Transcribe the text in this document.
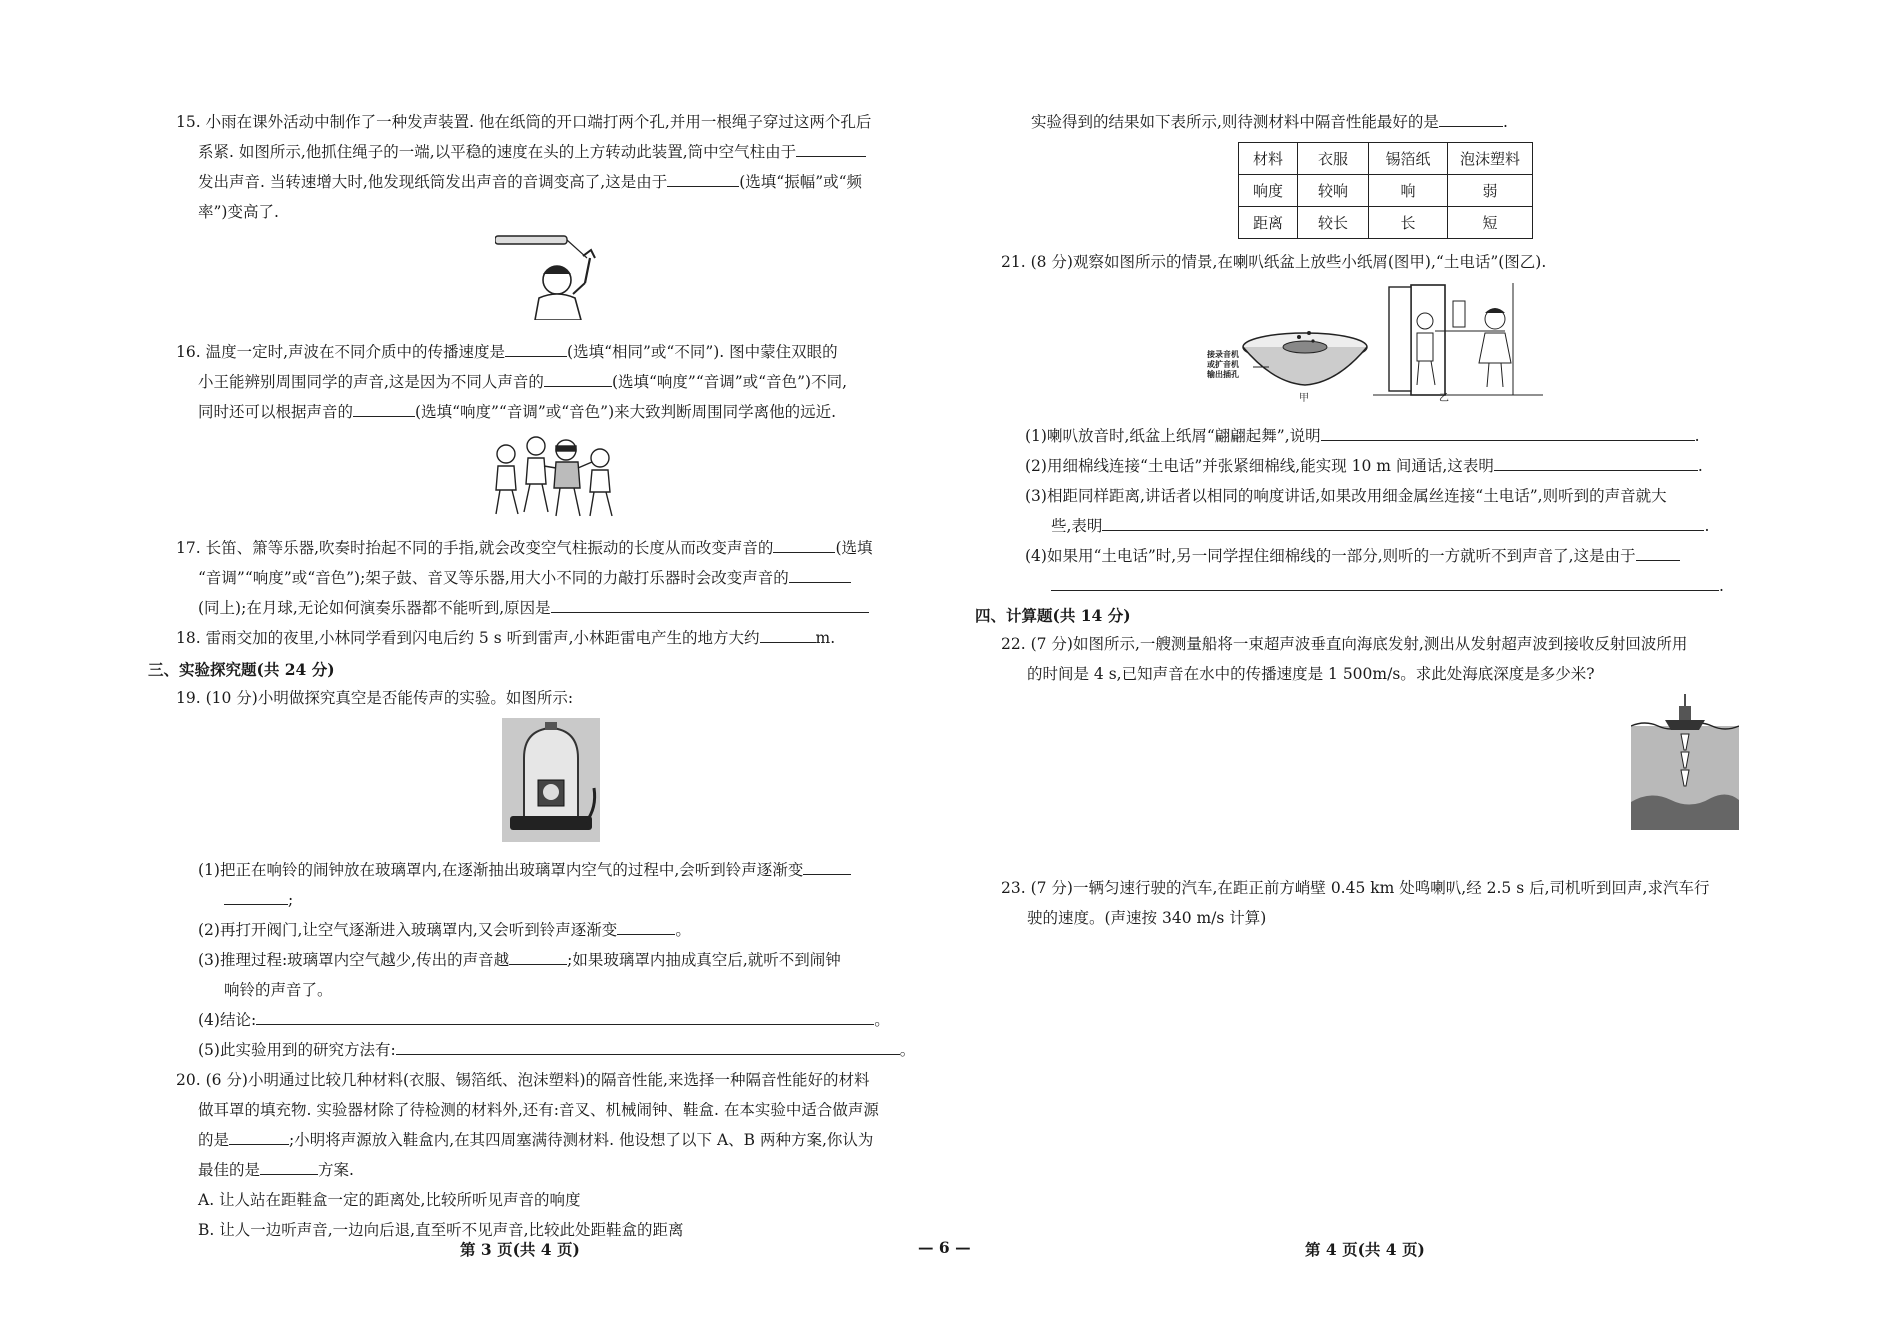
15. 小雨在课外活动中制作了一种发声装置. 他在纸筒的开口端打两个孔,并用一根绳子穿过这两个孔后
系紧. 如图所示,他抓住绳子的一端,以平稳的速度在头的上方转动此装置,筒中空气柱由于
发出声音. 当转速增大时,他发现纸筒发出声音的音调变高了,这是由于	(选填“振幅”或“频
率”)变高了.
16. 温度一定时,声波在不同介质中的传播速度是	(选填“相同”或“不同”). 图中蒙住双眼的
小王能辨别周围同学的声音,这是因为不同人声音的	(选填“响度”“音调”或“音色”)不同,
同时还可以根据声音的	(选填“响度”“音调”或“音色”)来大致判断周围同学离他的远近.
17. 长笛、箫等乐器,吹奏时抬起不同的手指,就会改变空气柱振动的长度从而改变声音的	(选填
“音调”“响度”或“音色”);架子鼓、音叉等乐器,用大小不同的力敲打乐器时会改变声音的
(同上);在月球,无论如何演奏乐器都不能听到,原因是
18. 雷雨交加的夜里,小林同学看到闪电后约 5 s 听到雷声,小林距雷电产生的地方大约	m.
三、实验探究题(共 24 分)
19. (10 分)小明做探究真空是否能传声的实验。如图所示:
(1)把正在响铃的闹钟放在玻璃罩内,在逐渐抽出玻璃罩内空气的过程中,会听到铃声逐渐变
;
(2)再打开阀门,让空气逐渐进入玻璃罩内,又会听到铃声逐渐变	。
(3)推理过程:玻璃罩内空气越少,传出的声音越	;如果玻璃罩内抽成真空后,就听不到闹钟
响铃的声音了。
(4)结论:	。
(5)此实验用到的研究方法有:	。
20. (6 分)小明通过比较几种材料(衣服、锡箔纸、泡沫塑料)的隔音性能,来选择一种隔音性能好的材料
做耳罩的填充物. 实验器材除了待检测的材料外,还有:音叉、机械闹钟、鞋盒. 在本实验中适合做声源
的是	;小明将声源放入鞋盒内,在其四周塞满待测材料. 他设想了以下 A、B 两种方案,你认为
最佳的是	方案.
A. 让人站在距鞋盒一定的距离处,比较所听见声音的响度
B. 让人一边听声音,一边向后退,直至听不见声音,比较此处距鞋盒的距离
第 3 页(共 4 页)	— 6 —
实验得到的结果如下表所示,则待测材料中隔音性能最好的是	.
材料	衣服	锡箔纸	泡沫塑料
响度	较响	响	弱
距离	较长	长	短
21. (8 分)观察如图所示的情景,在喇叭纸盆上放些小纸屑(图甲),“土电话”(图乙).
接录音机
或扩音机
输出插孔
甲	乙
(1)喇叭放音时,纸盆上纸屑“翩翩起舞”,说明	.
(2)用细棉线连接“土电话”并张紧细棉线,能实现 10 m 间通话,这表明	.
(3)相距同样距离,讲话者以相同的响度讲话,如果改用细金属丝连接“土电话”,则听到的声音就大
些,表明	.
(4)如果用“土电话”时,另一同学捏住细棉线的一部分,则听的一方就听不到声音了,这是由于
.
四、计算题(共 14 分)
22. (7 分)如图所示,一艘测量船将一束超声波垂直向海底发射,测出从发射超声波到接收反射回波所用
的时间是 4 s,已知声音在水中的传播速度是 1 500m/s。求此处海底深度是多少米?
23. (7 分)一辆匀速行驶的汽车,在距正前方峭壁 0.45 km 处鸣喇叭,经 2.5 s 后,司机听到回声,求汽车行
驶的速度。(声速按 340 m/s 计算)
第 4 页(共 4 页)
